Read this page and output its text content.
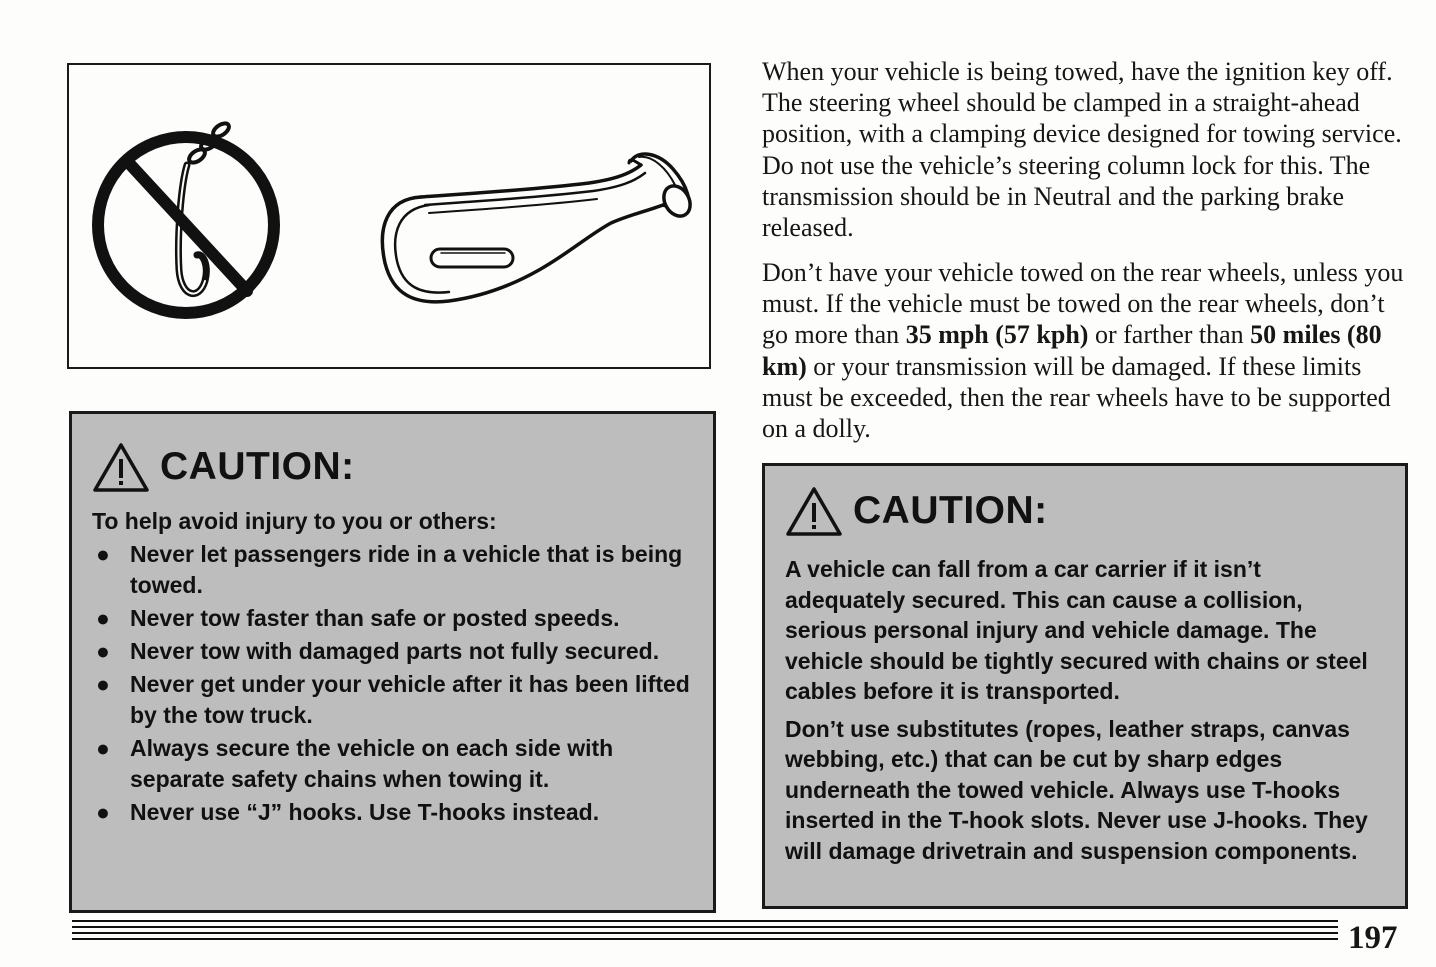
CAUTION:

To help avoid injury to you or others:

● Never let passengers ride in a vehicle that is being towed.
● Never tow faster than safe or posted speeds.
● Never tow with damaged parts not fully secured.
● Never get under your vehicle after it has been lifted by the tow truck.
● Always secure the vehicle on each side with separate safety chains when towing it.
● Never use “J” hooks. Use T-hooks instead.

When your vehicle is being towed, have the ignition key off. The steering wheel should be clamped in a straight-ahead position, with a clamping device designed for towing service. Do not use the vehicle’s steering column lock for this. The transmission should be in Neutral and the parking brake released.

Don’t have your vehicle towed on the rear wheels, unless you must. If the vehicle must be towed on the rear wheels, don’t go more than 35 mph (57 kph) or farther than 50 miles (80 km) or your transmission will be damaged. If these limits must be exceeded, then the rear wheels have to be supported on a dolly.

CAUTION:

A vehicle can fall from a car carrier if it isn’t adequately secured. This can cause a collision, serious personal injury and vehicle damage. The vehicle should be tightly secured with chains or steel cables before it is transported.

Don’t use substitutes (ropes, leather straps, canvas webbing, etc.) that can be cut by sharp edges underneath the towed vehicle. Always use T-hooks inserted in the T-hook slots. Never use J-hooks. They will damage drivetrain and suspension components.

197
